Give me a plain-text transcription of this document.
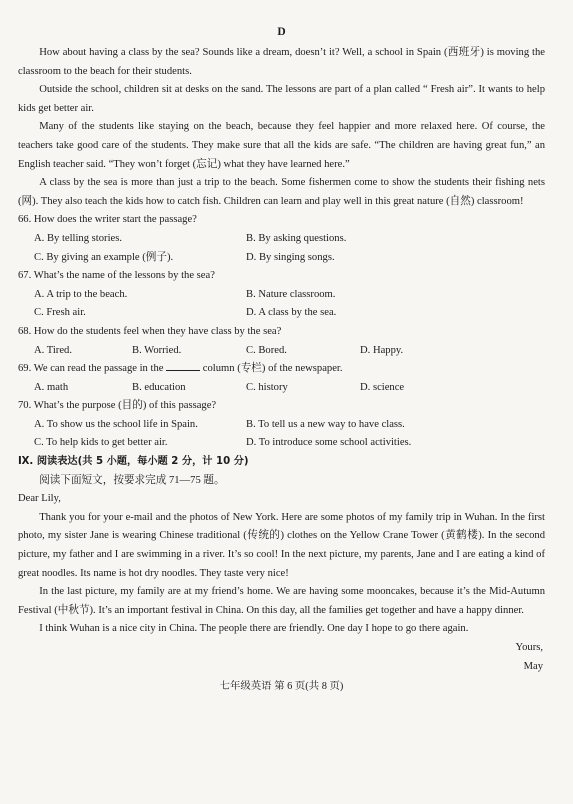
D

How about having a class by the sea? Sounds like a dream, doesn’t it? Well, a school in Spain (西班牙) is moving the classroom to the beach for their students.

Outside the school, children sit at desks on the sand. The lessons are part of a plan called “ Fresh air”. It wants to help kids get better air.

Many of the students like staying on the beach, because they feel happier and more relaxed here. Of course, the teachers take good care of the students. They make sure that all the kids are safe. “The children are having great fun,” an English teacher said. “They won’t forget (忘记) what they have learned here.”

A class by the sea is more than just a trip to the beach. Some fishermen come to show the students their fishing nets (网). They also teach the kids how to catch fish. Children can learn and play well in this great nature (自然) classroom!

66. How does the writer start the passage?

A. By telling stories.	B. By asking questions.
C. By giving an example (例子).	D. By singing songs.

67. What’s the name of the lessons by the sea?

A. A trip to the beach.	B. Nature classroom.
C. Fresh air.	D. A class by the sea.

68. How do the students feel when they have class by the sea?

A. Tired.	B. Worried.	C. Bored.	D. Happy.

69. We can read the passage in the	column (专栏) of the newspaper.

A. math	B. education	C. history	D. science

70. What’s the purpose (目的) of this passage?

A. To show us the school life in Spain.	B. To tell us a new way to have class.
C. To help kids to get better air.	D. To introduce some school activities.

Ⅸ. 阅读表达(共 5 小题，每小题 2 分，计 10 分)

阅读下面短文，按要求完成 71—75 题。

Dear Lily,

Thank you for your e-mail and the photos of New York. Here are some photos of my family trip in Wuhan. In the first photo, my sister Jane is wearing Chinese traditional (传统的) clothes on the Yellow Crane Tower (黄鹤楼). In the second picture, my father and I are swimming in a river. It’s so cool! In the next picture, my parents, Jane and I are eating a kind of great noodles. Its name is hot dry noodles. They taste very nice!

In the last picture, my family are at my friend’s home. We are having some mooncakes, because it’s the Mid-Autumn Festival (中秋节). It’s an important festival in China. On this day, all the families get together and have a happy dinner.

I think Wuhan is a nice city in China. The people there are friendly. One day I hope to go there again.

Yours,

May

七年级英语 第 6 页(共 8 页)
